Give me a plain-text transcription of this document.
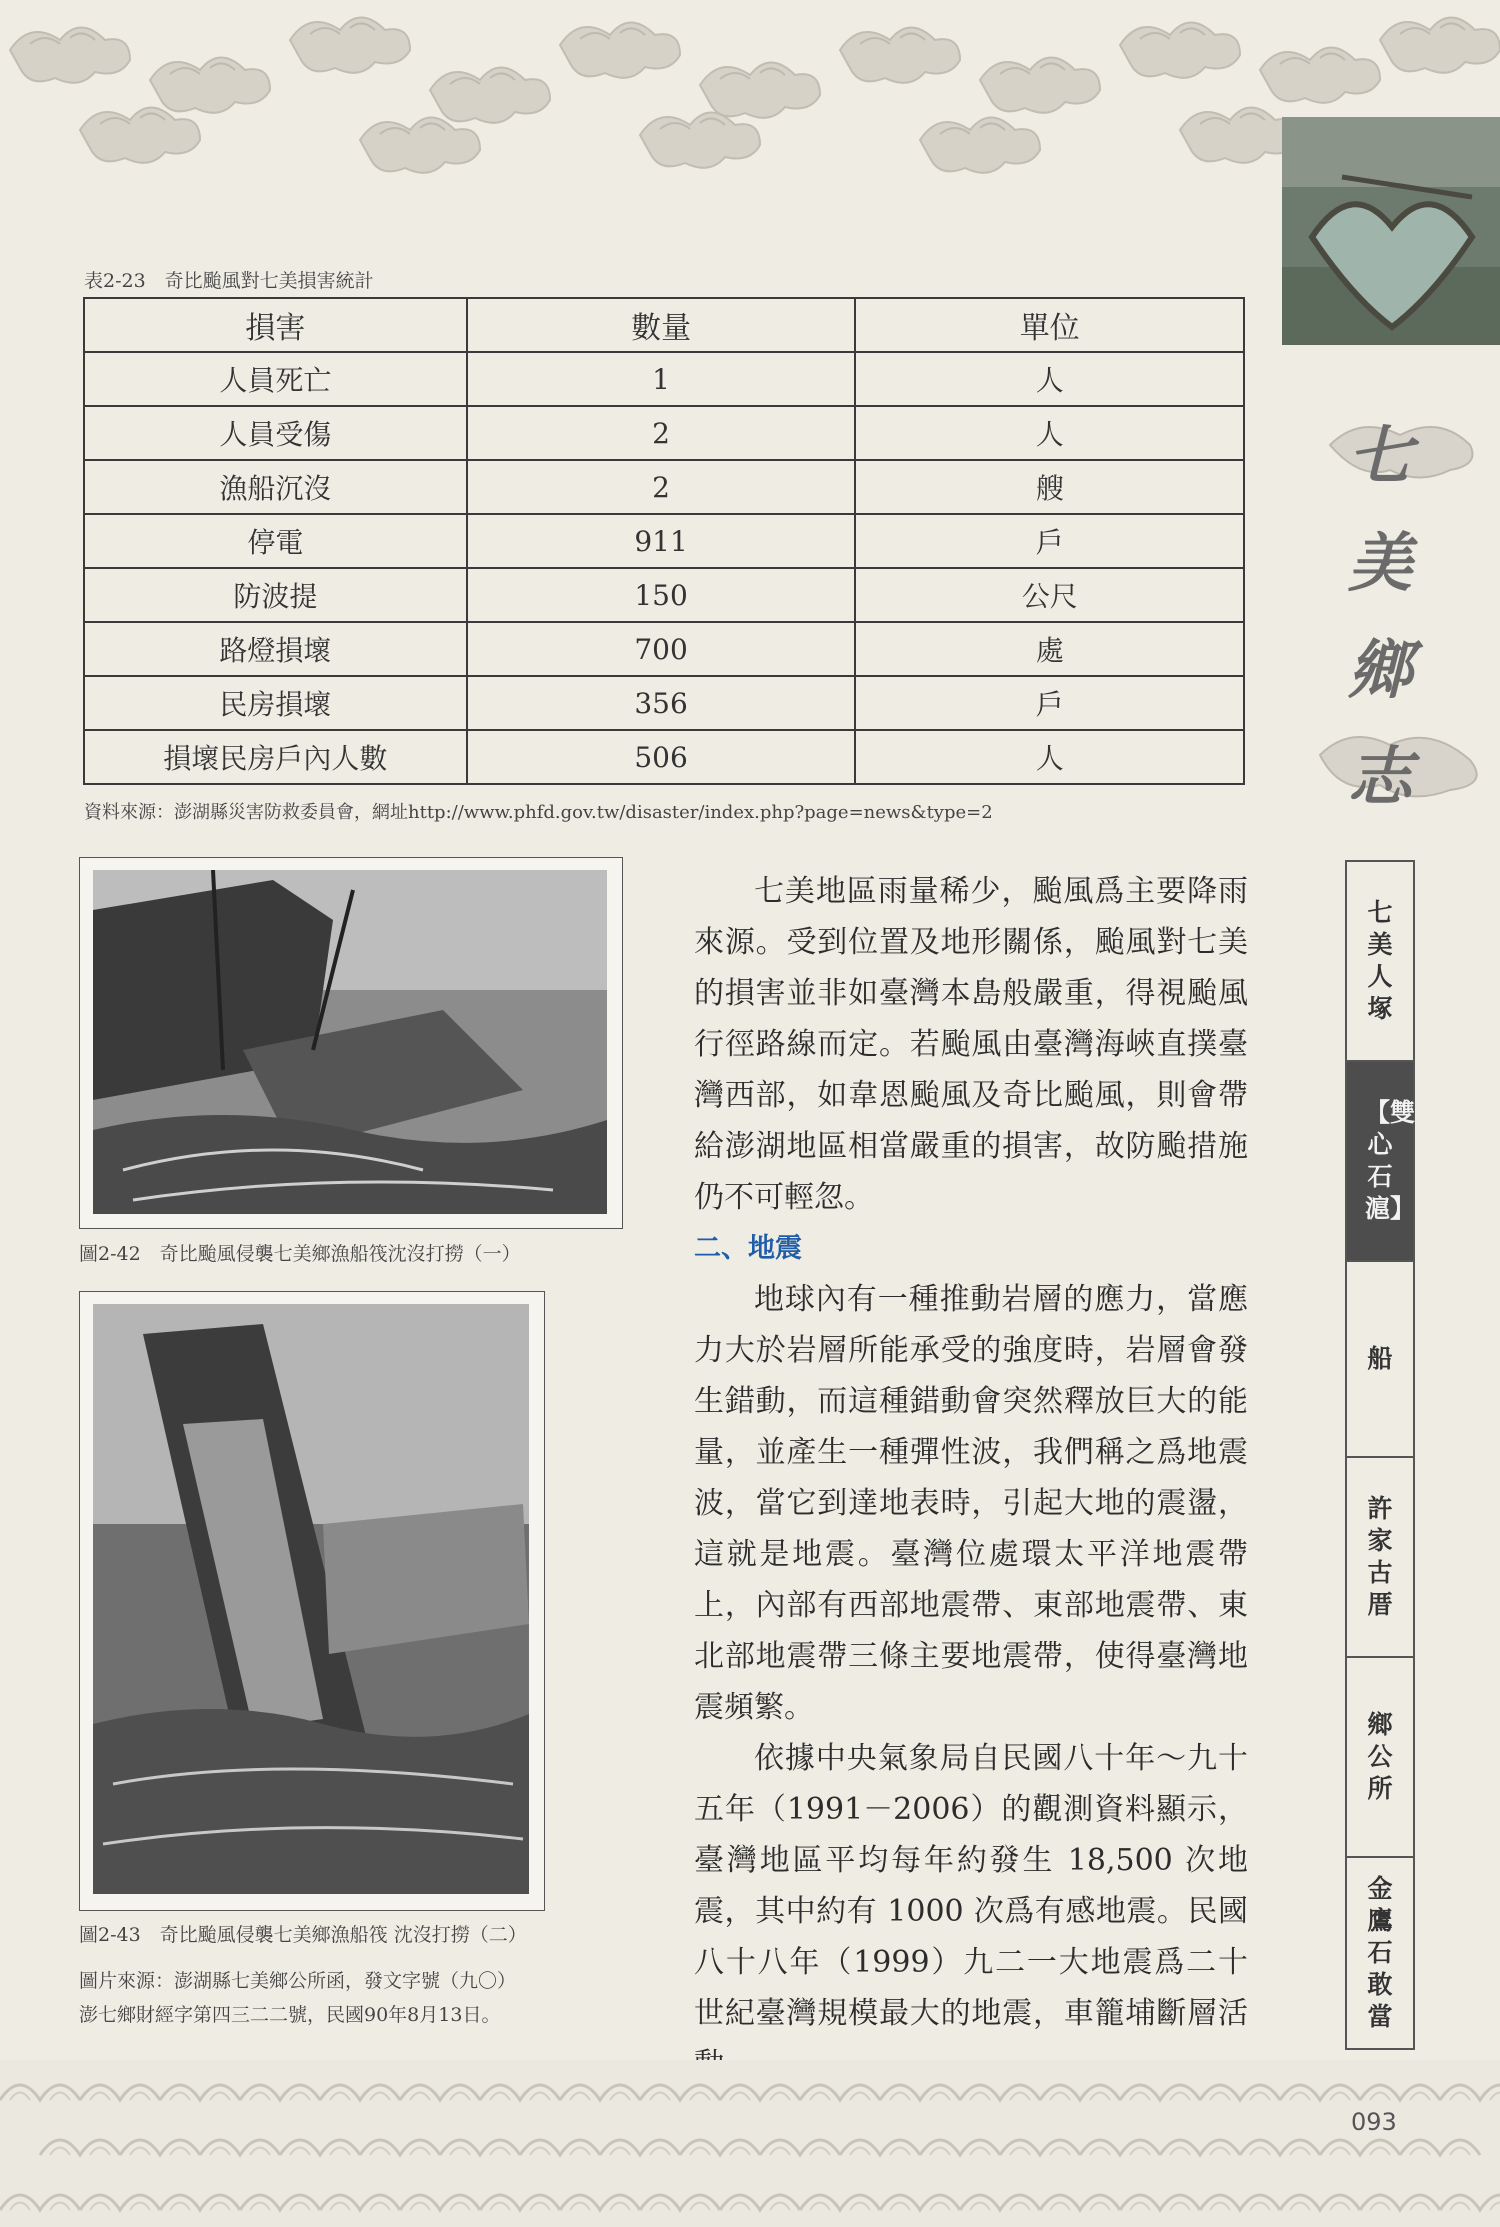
七
美
鄉
志
表2-23　奇比颱風對七美損害統計
損害	數量	單位
人員死亡	1	人
人員受傷	2	人
漁船沉沒	2	艘
停電	911	戶
防波提	150	公尺
路燈損壞	700	處
民房損壞	356	戶
損壞民房戶內人數	506	人
資料來源：澎湖縣災害防救委員會，網址http://www.phfd.gov.tw/disaster/index.php?page=news&type=2
圖2-42　奇比颱風侵襲七美鄉漁船筏沈沒打撈（一）
圖2-43　奇比颱風侵襲七美鄉漁船筏 沈沒打撈（二）
圖片來源：澎湖縣七美鄉公所函，發文字號（九〇）
澎七鄉財經字第四三二二號，民國90年8月13日。

七美地區雨量稀少，颱風爲主要降雨來源。受到位置及地形關係，颱風對七美的損害並非如臺灣本島般嚴重，得視颱風行徑路線而定。若颱風由臺灣海峽直撲臺灣西部，如韋恩颱風及奇比颱風，則會帶給澎湖地區相當嚴重的損害，故防颱措施仍不可輕忽。

二、地震

地球內有一種推動岩層的應力，當應力大於岩層所能承受的強度時，岩層會發生錯動，而這種錯動會突然釋放巨大的能量，並產生一種彈性波，我們稱之爲地震波，當它到達地表時，引起大地的震盪，這就是地震。臺灣位處環太平洋地震帶上，內部有西部地震帶、東部地震帶、東北部地震帶三條主要地震帶，使得臺灣地震頻繁。

依據中央氣象局自民國八十年～九十五年（1991－2006）的觀測資料顯示，臺灣地區平均每年約發生 18,500 次地震，其中約有 1000 次爲有感地震。民國八十八年（1999）九二一大地震爲二十世紀臺灣規模最大的地震，車籠埔斷層活

七美人塚
【雙心石滬】
船
許家古厝
鄉公所
金鷹石敢當
093
